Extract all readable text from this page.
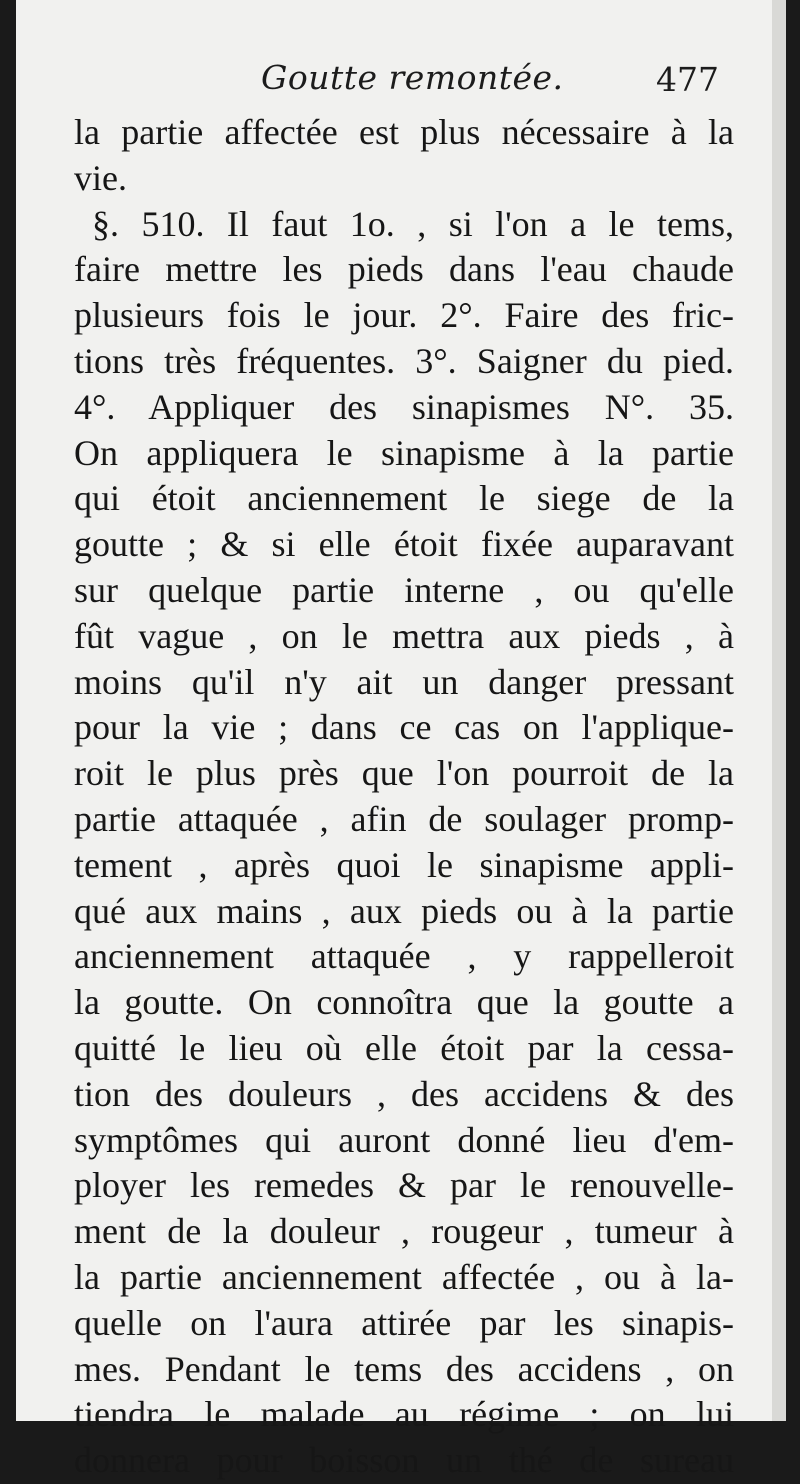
Goutte remontée.	477
la partie affectée est plus nécessaire à la
vie.
§. 510. Il faut 1o. , si l'on a le tems,
faire mettre les pieds dans l'eau chaude
plusieurs fois le jour. 2°. Faire des fric-
tions très fréquentes. 3°. Saigner du pied.
4°. Appliquer des sinapismes N°. 35.
On appliquera le sinapisme à la partie
qui étoit anciennement le siege de la
goutte ; & si elle étoit fixée auparavant
sur quelque partie interne , ou qu'elle
fût vague , on le mettra aux pieds , à
moins qu'il n'y ait un danger pressant
pour la vie ; dans ce cas on l'applique-
roit le plus près que l'on pourroit de la
partie attaquée , afin de soulager promp-
tement , après quoi le sinapisme appli-
qué aux mains , aux pieds ou à la partie
anciennement attaquée , y rappelleroit
la goutte. On connoîtra que la goutte a
quitté le lieu où elle étoit par la cessa-
tion des douleurs , des accidens & des
symptômes qui auront donné lieu d'em-
ployer les remedes & par le renouvelle-
ment de la douleur , rougeur , tumeur à
la partie anciennement affectée , ou à la-
quelle on l'aura attirée par les sinapis-
mes. Pendant le tems des accidens , on
tiendra le malade au régime ; on lui
donnera pour boisson un thé de sureau
